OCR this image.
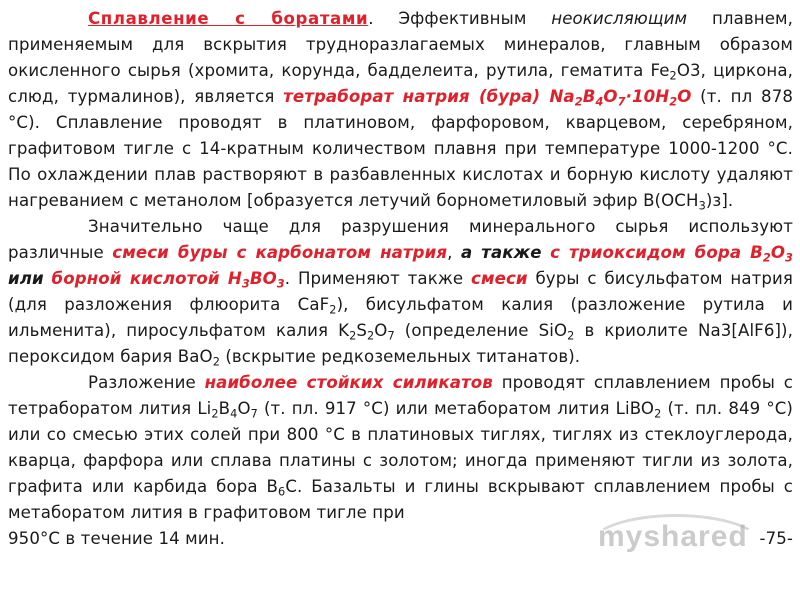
Сплавление с боратами. Эффективным неокисляющим плавнем, применяемым для вскрытия трудноразлагаемых минералов, главным образом окисленного сырья (хромита, корунда, бадделеита, рутила, гематита $Fe_2O3$, циркона, слюд, турмалинов), является тетраборат натрия (бура) $Na_2B_4O_7\cdot 10H_2O$ (т. пл 878 °С). Сплавление проводят в платиновом, фарфоровом, кварцевом, серебряном, графитовом тигле с 14-кратным количеством плавня при температуре 1000-1200 °С. По охлаждении плав растворяют в разбавленных кислотах и борную кислоту удаляют нагреванием с метанолом [образуется летучий борнометиловый эфир $B(OCH_3)з$].

Значительно чаще для разрушения минерального сырья используют различные смеси буры с карбонатом натрия, а также с триоксидом бора $B_2O_3$ или борной кислотой $H_3BO_3$. Применяют также смеси буры с бисульфатом натрия (для разложения флюорита CaF$_2$), бисульфатом калия (разложение рутила и ильменита), пиросульфатом калия $K_2S_2O_7$ (определение SiO$_2$ в криолите Na3[AlF6]), пероксидом бария BaO$_2$ (вскрытие редкоземельных титанатов).

Разложение наиболее стойких силикатов проводят сплавлением пробы с тетраборатом лития $Li_2B_4O_7$ (т. пл. 917 °С) или метаборатом лития LiBO$_2$ (т. пл. 849 °С) или со смесью этих солей при 800 °С в платиновых тиглях, тиглях из стеклоуглерода, кварца, фарфора или сплава платины с золотом; иногда применяют тигли из золота, графита или карбида бора $B_6C$. Базальты и глины вскрывают сплавлением пробы с метаборатом лития в графитовом тигле при

950°С в течение 14 мин.	-75-
myshared
